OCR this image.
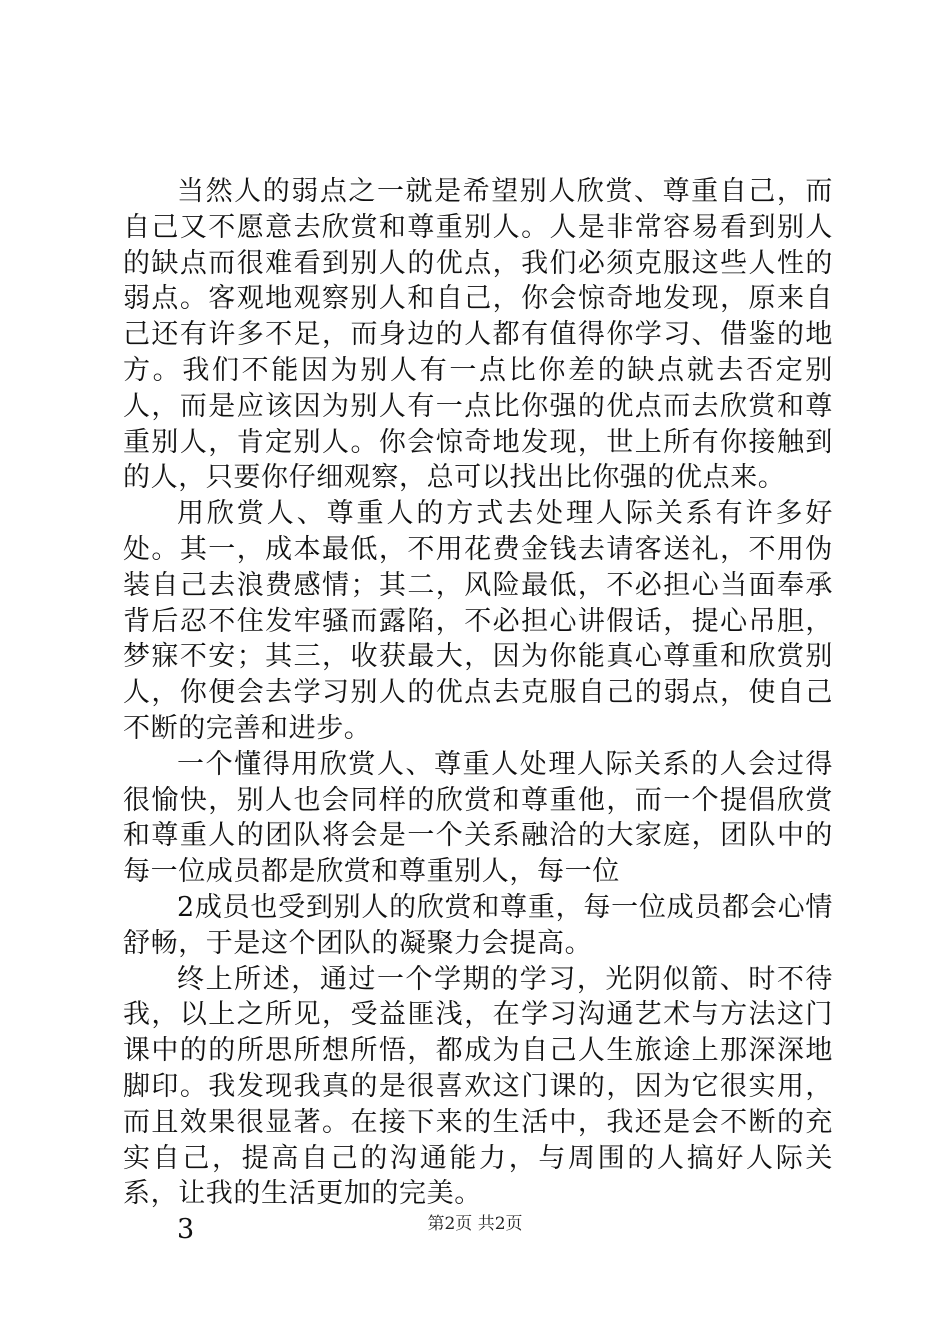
当然人的弱点之一就是希望别人欣赏、尊重自己，而自己又不愿意去欣赏和尊重别人。人是非常容易看到别人的缺点而很难看到别人的优点，我们必须克服这些人性的弱点。客观地观察别人和自己，你会惊奇地发现，原来自己还有许多不足，而身边的人都有值得你学习、借鉴的地方。我们不能因为别人有一点比你差的缺点就去否定别人，而是应该因为别人有一点比你强的优点而去欣赏和尊重别人，肯定别人。你会惊奇地发现，世上所有你接触到的人，只要你仔细观察，总可以找出比你强的优点来。

用欣赏人、尊重人的方式去处理人际关系有许多好处。其一，成本最低，不用花费金钱去请客送礼，不用伪装自己去浪费感情；其二，风险最低，不必担心当面奉承背后忍不住发牢骚而露陷，不必担心讲假话，提心吊胆，梦寐不安；其三，收获最大，因为你能真心尊重和欣赏别人，你便会去学习别人的优点去克服自己的弱点，使自己不断的完善和进步。

一个懂得用欣赏人、尊重人处理人际关系的人会过得很愉快，别人也会同样的欣赏和尊重他，而一个提倡欣赏和尊重人的团队将会是一个关系融洽的大家庭，团队中的每一位成员都是欣赏和尊重别人，每一位

2成员也受到别人的欣赏和尊重，每一位成员都会心情舒畅，于是这个团队的凝聚力会提高。

终上所述，通过一个学期的学习，光阴似箭、时不待我，以上之所见，受益匪浅，在学习沟通艺术与方法这门课中的的所思所想所悟，都成为自己人生旅途上那深深地脚印。我发现我真的是很喜欢这门课的，因为它很实用，而且效果很显著。在接下来的生活中，我还是会不断的充实自己，提高自己的沟通能力，与周围的人搞好人际关系，让我的生活更加的完美。

3	第2页 共2页
